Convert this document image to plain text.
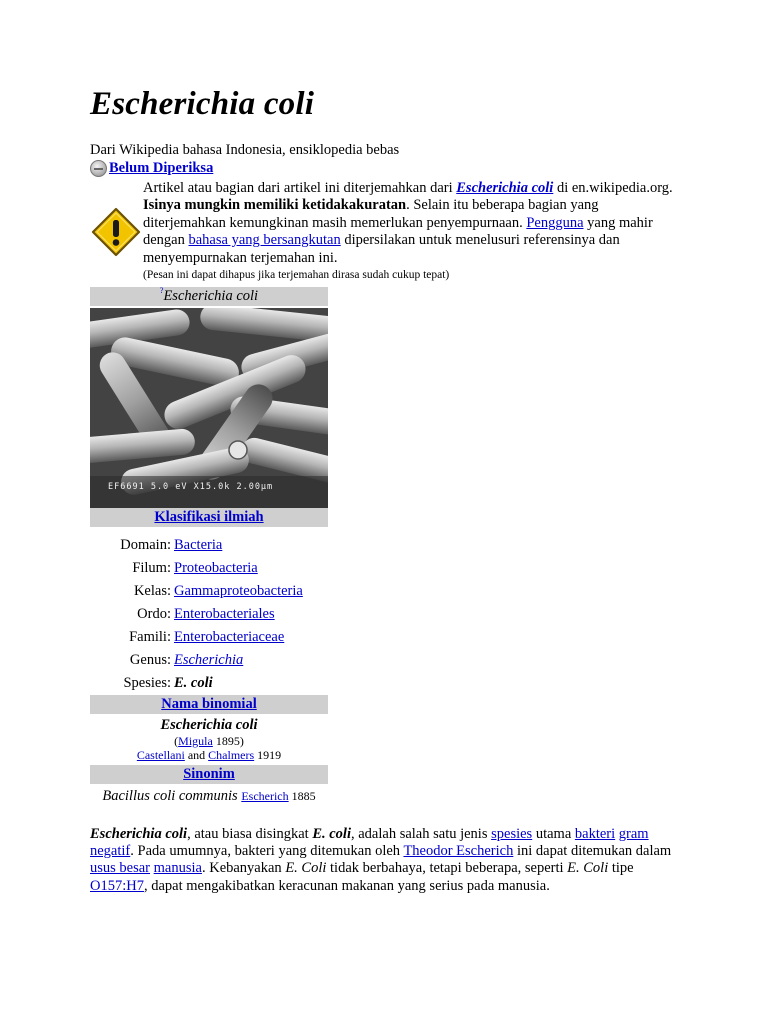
Escherichia coli
Dari Wikipedia bahasa Indonesia, ensiklopedia bebas
Belum Diperiksa
Artikel atau bagian dari artikel ini diterjemahkan dari Escherichia coli di en.wikipedia.org. Isinya mungkin memiliki ketidakakuratan. Selain itu beberapa bagian yang diterjemahkan kemungkinan masih memerlukan penyempurnaan. Pengguna yang mahir dengan bahasa yang bersangkutan dipersilakan untuk menelusuri referensinya dan menyempurnakan terjemahan ini.
(Pesan ini dapat dihapus jika terjemahan dirasa sudah cukup tepat)
?Escherichia coli
EF6691 5.0 eV X15.0k 2.00μm
Klasifikasi ilmiah
Domain: Bacteria
Filum: Proteobacteria
Kelas: Gammaproteobacteria
Ordo: Enterobacteriales
Famili: Enterobacteriaceae
Genus: Escherichia
Spesies: E. coli
Nama binomial
Escherichia coli
(Migula 1895)
Castellani and Chalmers 1919
Sinonim
Bacillus coli communis Escherich 1885
Escherichia coli, atau biasa disingkat E. coli, adalah salah satu jenis spesies utama bakteri gram negatif. Pada umumnya, bakteri yang ditemukan oleh Theodor Escherich ini dapat ditemukan dalam usus besar manusia. Kebanyakan E. Coli tidak berbahaya, tetapi beberapa, seperti E. Coli tipe O157:H7, dapat mengakibatkan keracunan makanan yang serius pada manusia.
